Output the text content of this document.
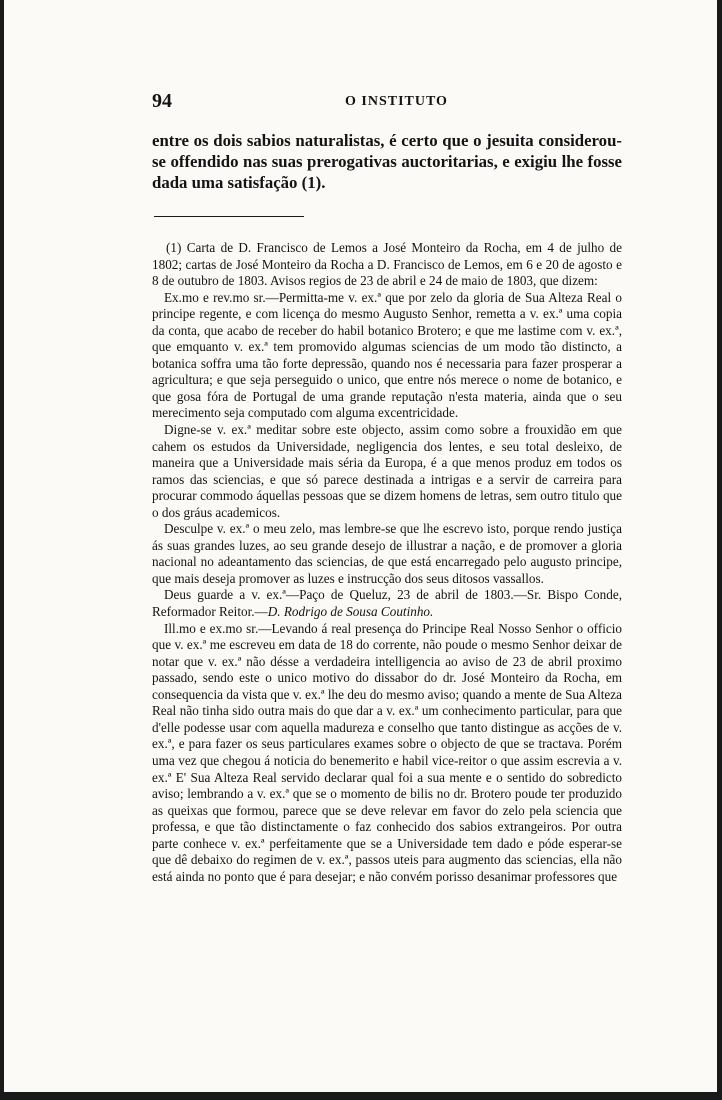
94	O INSTITUTO

entre os dois sabios naturalistas, é certo que o jesuita considerou-se offendido nas suas prerogativas auctoritarias, e exigiu lhe fosse dada uma satisfação (1).

(1) Carta de D. Francisco de Lemos a José Monteiro da Rocha, em 4 de julho de 1802; cartas de José Monteiro da Rocha a D. Francisco de Lemos, em 6 e 20 de agosto e 8 de outubro de 1803. Avisos regios de 23 de abril e 24 de maio de 1803, que dizem:

Ex.mo e rev.mo sr.—Permitta-me v. ex.ª que por zelo da gloria de Sua Alteza Real o principe regente, e com licença do mesmo Augusto Senhor, remetta a v. ex.ª uma copia da conta, que acabo de receber do habil botanico Brotero; e que me lastime com v. ex.ª, que emquanto v. ex.ª tem promovido algumas sciencias de um modo tão distincto, a botanica soffra uma tão forte depressão, quando nos é necessaria para fazer prosperar a agricultura; e que seja perseguido o unico, que entre nós merece o nome de botanico, e que gosa fóra de Portugal de uma grande reputação n'esta materia, ainda que o seu merecimento seja computado com alguma excentricidade.

Digne-se v. ex.ª meditar sobre este objecto, assim como sobre a frouxidão em que cahem os estudos da Universidade, negligencia dos lentes, e seu total desleixo, de maneira que a Universidade mais séria da Europa, é a que menos produz em todos os ramos das sciencias, e que só parece destinada a intrigas e a servir de carreira para procurar commodo áquellas pessoas que se dizem homens de letras, sem outro titulo que o dos gráus academicos.

Desculpe v. ex.ª o meu zelo, mas lembre-se que lhe escrevo isto, porque rendo justiça ás suas grandes luzes, ao seu grande desejo de illustrar a nação, e de promover a gloria nacional no adeantamento das sciencias, de que está encarregado pelo augusto principe, que mais deseja promover as luzes e instrucção dos seus ditosos vassallos.

Deus guarde a v. ex.ª—Paço de Queluz, 23 de abril de 1803.—Sr. Bispo Conde, Reformador Reitor.—D. Rodrigo de Sousa Coutinho.

Ill.mo e ex.mo sr.—Levando á real presença do Principe Real Nosso Senhor o officio que v. ex.ª me escreveu em data de 18 do corrente, não poude o mesmo Senhor deixar de notar que v. ex.ª não désse a verdadeira intelligencia ao aviso de 23 de abril proximo passado, sendo este o unico motivo do dissabor do dr. José Monteiro da Rocha, em consequencia da vista que v. ex.ª lhe deu do mesmo aviso; quando a mente de Sua Alteza Real não tinha sido outra mais do que dar a v. ex.ª um conhecimento particular, para que d'elle podesse usar com aquella madureza e conselho que tanto distingue as acções de v. ex.ª, e para fazer os seus particulares exames sobre o objecto de que se tractava. Porém uma vez que chegou á noticia do benemerito e habil vice-reitor o que assim escrevia a v. ex.ª E' Sua Alteza Real servido declarar qual foi a sua mente e o sentido do sobredicto aviso; lembrando a v. ex.ª que se o momento de bilis no dr. Brotero poude ter produzido as queixas que formou, parece que se deve relevar em favor do zelo pela sciencia que professa, e que tão distinctamente o faz conhecido dos sabios extrangeiros. Por outra parte conhece v. ex.ª perfeitamente que se a Universidade tem dado e póde esperar-se que dê debaixo do regimen de v. ex.ª, passos uteis para augmento das sciencias, ella não está ainda no ponto que é para desejar; e não convém porisso desanimar professores que
